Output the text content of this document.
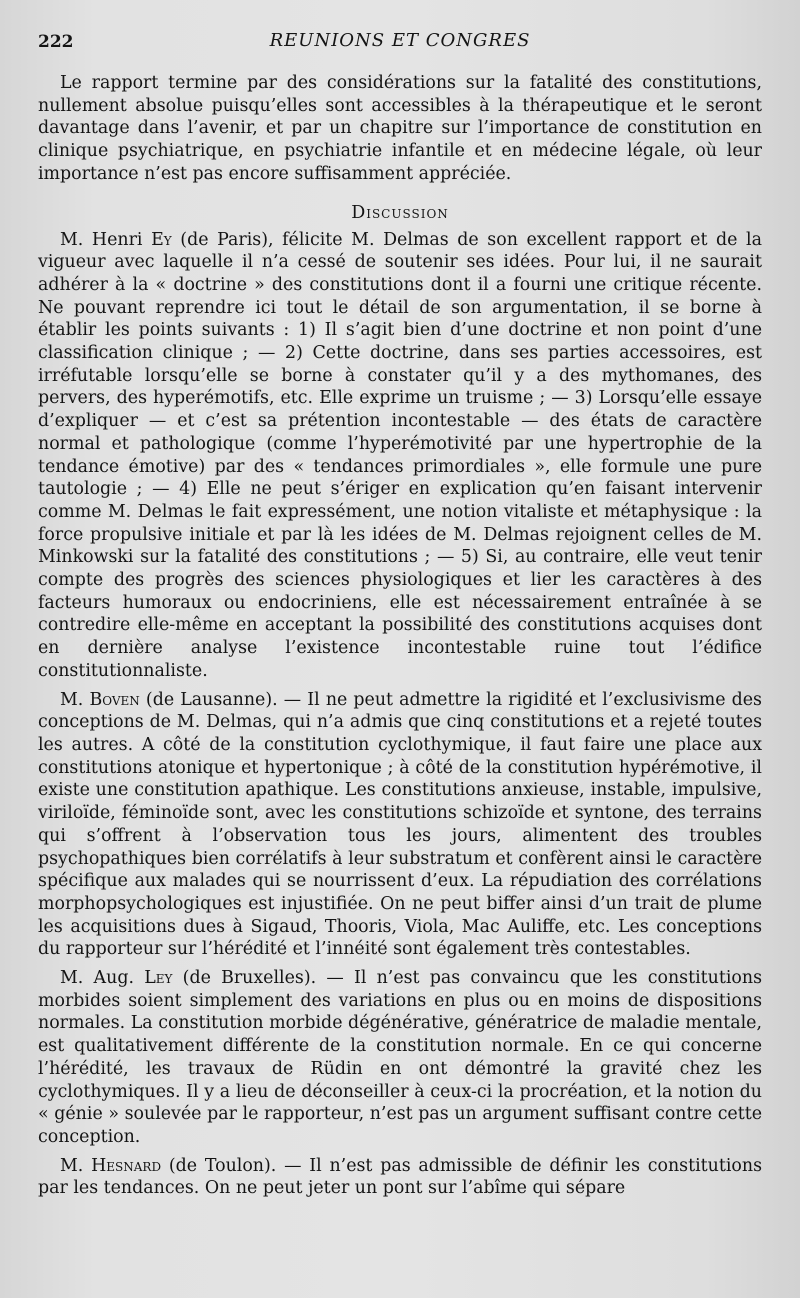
222	REUNIONS ET CONGRES

Le rapport termine par des considérations sur la fatalité des constitutions, nullement absolue puisqu’elles sont accessibles à la thérapeutique et le seront davantage dans l’avenir, et par un chapitre sur l’importance de constitution en clinique psychiatrique, en psychiatrie infantile et en médecine légale, où leur importance n’est pas encore suffisamment appréciée.

Discussion

M. Henri Ey (de Paris), félicite M. Delmas de son excellent rapport et de la vigueur avec laquelle il n’a cessé de soutenir ses idées. Pour lui, il ne saurait adhérer à la « doctrine » des constitutions dont il a fourni une critique récente. Ne pouvant reprendre ici tout le détail de son argumentation, il se borne à établir les points suivants : 1) Il s’agit bien d’une doctrine et non point d’une classification clinique ; — 2) Cette doctrine, dans ses parties accessoires, est irréfutable lorsqu’elle se borne à constater qu’il y a des mythomanes, des pervers, des hyperémotifs, etc. Elle exprime un truisme ; — 3) Lorsqu’elle essaye d’expliquer — et c’est sa prétention incontestable — des états de caractère normal et pathologique (comme l’hyperémotivité par une hypertrophie de la tendance émotive) par des « tendances primordiales », elle formule une pure tautologie ; — 4) Elle ne peut s’ériger en explication qu’en faisant intervenir comme M. Delmas le fait expressément, une notion vitaliste et métaphysique : la force propulsive initiale et par là les idées de M. Delmas rejoignent celles de M. Minkowski sur la fatalité des constitutions ; — 5) Si, au contraire, elle veut tenir compte des progrès des sciences physiologiques et lier les caractères à des facteurs humoraux ou endocriniens, elle est nécessairement entraînée à se contredire elle-même en acceptant la possibilité des constitutions acquises dont en dernière analyse l’existence incontestable ruine tout l’édifice constitutionnaliste.

M. Boven (de Lausanne). — Il ne peut admettre la rigidité et l’exclusivisme des conceptions de M. Delmas, qui n’a admis que cinq constitutions et a rejeté toutes les autres. A côté de la constitution cyclothymique, il faut faire une place aux constitutions atonique et hypertonique ; à côté de la constitution hypérémotive, il existe une constitution apathique. Les constitutions anxieuse, instable, impulsive, viriloïde, féminoïde sont, avec les constitutions schizoïde et syntone, des terrains qui s’offrent à l’observation tous les jours, alimentent des troubles psychopathiques bien corrélatifs à leur substratum et confèrent ainsi le caractère spécifique aux malades qui se nourrissent d’eux. La répudiation des corrélations morphopsychologiques est injustifiée. On ne peut biffer ainsi d’un trait de plume les acquisitions dues à Sigaud, Thooris, Viola, Mac Auliffe, etc. Les conceptions du rapporteur sur l’hérédité et l’innéité sont également très contestables.

M. Aug. Ley (de Bruxelles). — Il n’est pas convaincu que les constitutions morbides soient simplement des variations en plus ou en moins de dispositions normales. La constitution morbide dégénérative, génératrice de maladie mentale, est qualitativement différente de la constitution normale. En ce qui concerne l’hérédité, les travaux de Rüdin en ont démontré la gravité chez les cyclothymiques. Il y a lieu de déconseiller à ceux-ci la procréation, et la notion du « génie » soulevée par le rapporteur, n’est pas un argument suffisant contre cette conception.

M. Hesnard (de Toulon). — Il n’est pas admissible de définir les constitutions par les tendances. On ne peut jeter un pont sur l’abîme qui sépare
